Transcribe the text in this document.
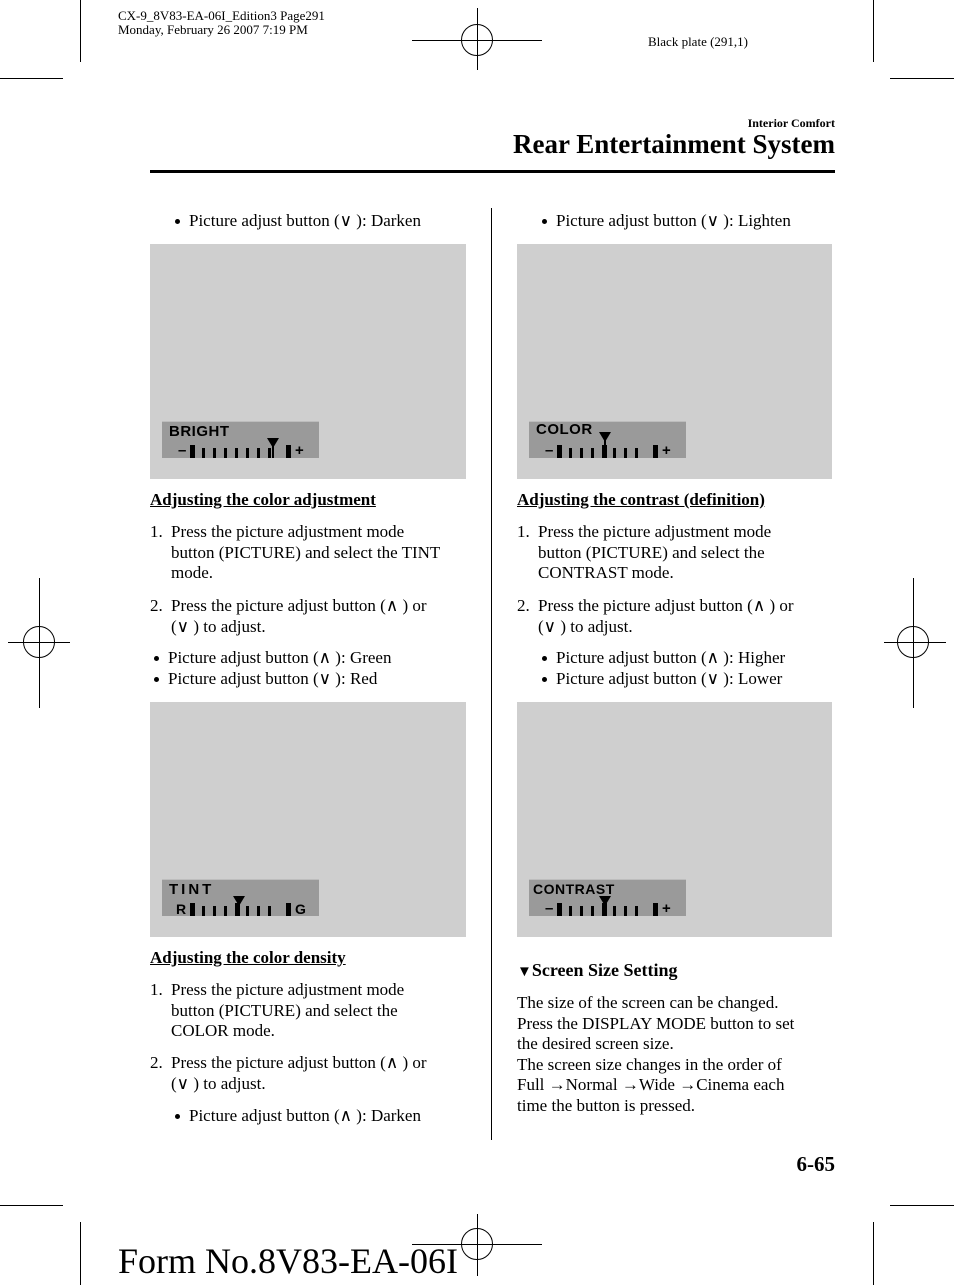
CX-9_8V83-EA-06I_Edition3 Page291
Monday, February 26 2007 7:19 PM
Black plate (291,1)
Interior Comfort
Rear Entertainment System
Picture adjust button (∨ ): Darken
BRIGHT
–	+
Adjusting the color adjustment
1. Press the picture adjustment mode
button (PICTURE) and select the TINT
mode.
2. Press the picture adjust button (∧ ) or
(∨ ) to adjust.
Picture adjust button (∧ ): Green
Picture adjust button (∨ ): Red
TINT
R	G
Adjusting the color density
1. Press the picture adjustment mode
button (PICTURE) and select the
COLOR mode.
2. Press the picture adjust button (∧ ) or
(∨ ) to adjust.
Picture adjust button (∧ ): Darken
Picture adjust button (∨ ): Lighten
COLOR
–	+
Adjusting the contrast (definition)
1. Press the picture adjustment mode
button (PICTURE) and select the
CONTRAST mode.
2. Press the picture adjust button (∧ ) or
(∨ ) to adjust.
Picture adjust button (∧ ): Higher
Picture adjust button (∨ ): Lower
CONTRAST
–	+
▼Screen Size Setting
The size of the screen can be changed.
Press the DISPLAY MODE button to set
the desired screen size.
The screen size changes in the order of
Full →Normal →Wide →Cinema each
time the button is pressed.
6-65
Form No.8V83-EA-06I
